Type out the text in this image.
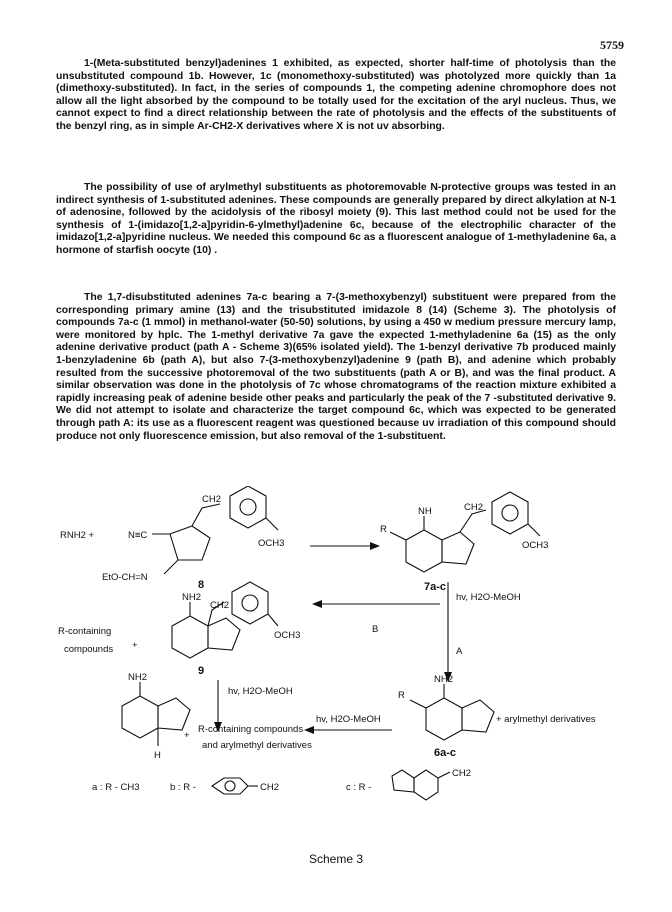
5759

1-(Meta-substituted benzyl)adenines 1 exhibited, as expected, shorter half-time of photolysis than the unsubstituted compound 1b. However, 1c (monomethoxy-substituted) was photolyzed more quickly than 1a (dimethoxy-substituted). In fact, in the series of compounds 1, the competing adenine chromophore does not allow all the light absorbed by the compound to be totally used for the excitation of the aryl nucleus. Thus, we cannot expect to find a direct relationship between the rate of photolysis and the effects of the substituents of the benzyl ring, as in simple Ar-CH2-X derivatives where X is not uv absorbing.

The possibility of use of arylmethyl substituents as photoremovable N-protective groups was tested in an indirect synthesis of 1-substituted adenines. These compounds are generally prepared by direct alkylation at N-1 of adenosine, followed by the acidolysis of the ribosyl moiety (9). This last method could not be used for the synthesis of 1-(imidazo[1,2-a]pyridin-6-ylmethyl)adenine 6c, because of the electrophilic character of the imidazo[1,2-a]pyridine nucleus. We needed this compound 6c as a fluorescent analogue of 1-methyladenine 6a, a hormone of starfish oocyte (10) .

The 1,7-disubstituted adenines 7a-c bearing a 7-(3-methoxybenzyl) substituent were prepared from the corresponding primary amine (13) and the trisubstituted imidazole 8 (14) (Scheme 3). The photolysis of compounds 7a-c (1 mmol) in methanol-water (50-50) solutions, by using a 450 w medium pressure mercury lamp, were monitored by hplc. The 1-methyl derivative 7a gave the expected 1-methyladenine 6a (15) as the only adenine derivative product (path A - Scheme 3)(65% isolated yield). The 1-benzyl derivative 7b produced mainly 1-benzyladenine 6b (path A), but also 7-(3-methoxybenzyl)adenine 9 (path B), and adenine which probably resulted from the successive photoremoval of the two substituents (path A or B), and was the final product. A similar observation was done in the photolysis of 7c whose chromatograms of the reaction mixture exhibited a rapidly increasing peak of adenine beside other peaks and particularly the peak of the 7 -substituted derivative 9. We did not attempt to isolate and characterize the target compound 6c, which was expected to be generated through path A: its use as a fluorescent reagent was questioned because uv irradiation of this compound should produce not only fluorescence emission, but also removal of the 1-substituent.

RNH2 +	N≡C
CH2
OCH3
EtO-CH=N
8
NH
R
CH2
OCH3
7a-c
hv, H2O-MeOH
NH2
CH2
OCH3
R-containing
compounds +
B
A
9
hv, H2O-MeOH
NH2
H
+
R-containing compounds
and arylmethyl derivatives
hv, H2O-MeOH
NH2
R
+ arylmethyl derivatives
6a-c
a : R - CH3	b : R -	CH2	c : R -
CH2
Scheme 3
